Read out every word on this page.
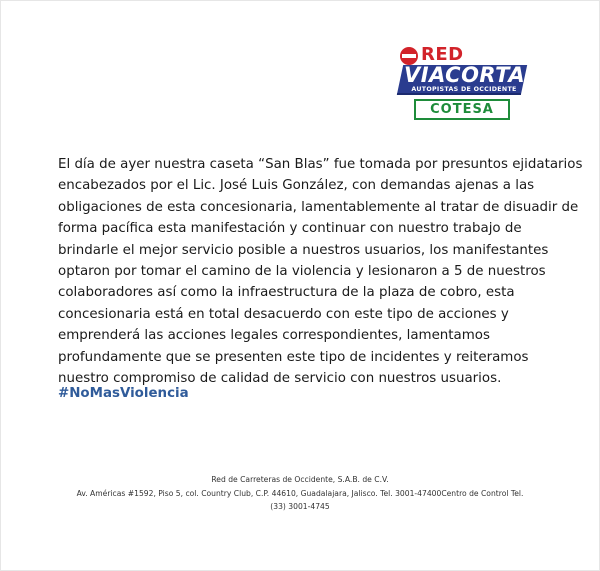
RED
VIACORTA
AUTOPISTAS DE OCCIDENTE
COTESA

El día de ayer nuestra caseta “San Blas” fue tomada por presuntos ejidatarios
encabezados por el Lic. José Luis González, con demandas ajenas a las
obligaciones de esta concesionaria, lamentablemente al tratar de disuadir de
forma pacífica esta manifestación y continuar con nuestro trabajo de
brindarle el mejor servicio posible a nuestros usuarios, los manifestantes
optaron por tomar el camino de la violencia y lesionaron a 5 de nuestros
colaboradores así como la infraestructura de la plaza de cobro, esta
concesionaria está en total desacuerdo con este tipo de acciones y
emprenderá las acciones legales correspondientes, lamentamos
profundamente que se presenten este tipo de incidentes y reiteramos
nuestro compromiso de calidad de servicio con nuestros usuarios.

#NoMasViolencia
Red de Carreteras de Occidente, S.A.B. de C.V.
Av. Américas #1592, Piso 5, col. Country Club, C.P. 44610, Guadalajara, Jalisco. Tel. 3001-47400Centro de Control Tel.
(33) 3001-4745
